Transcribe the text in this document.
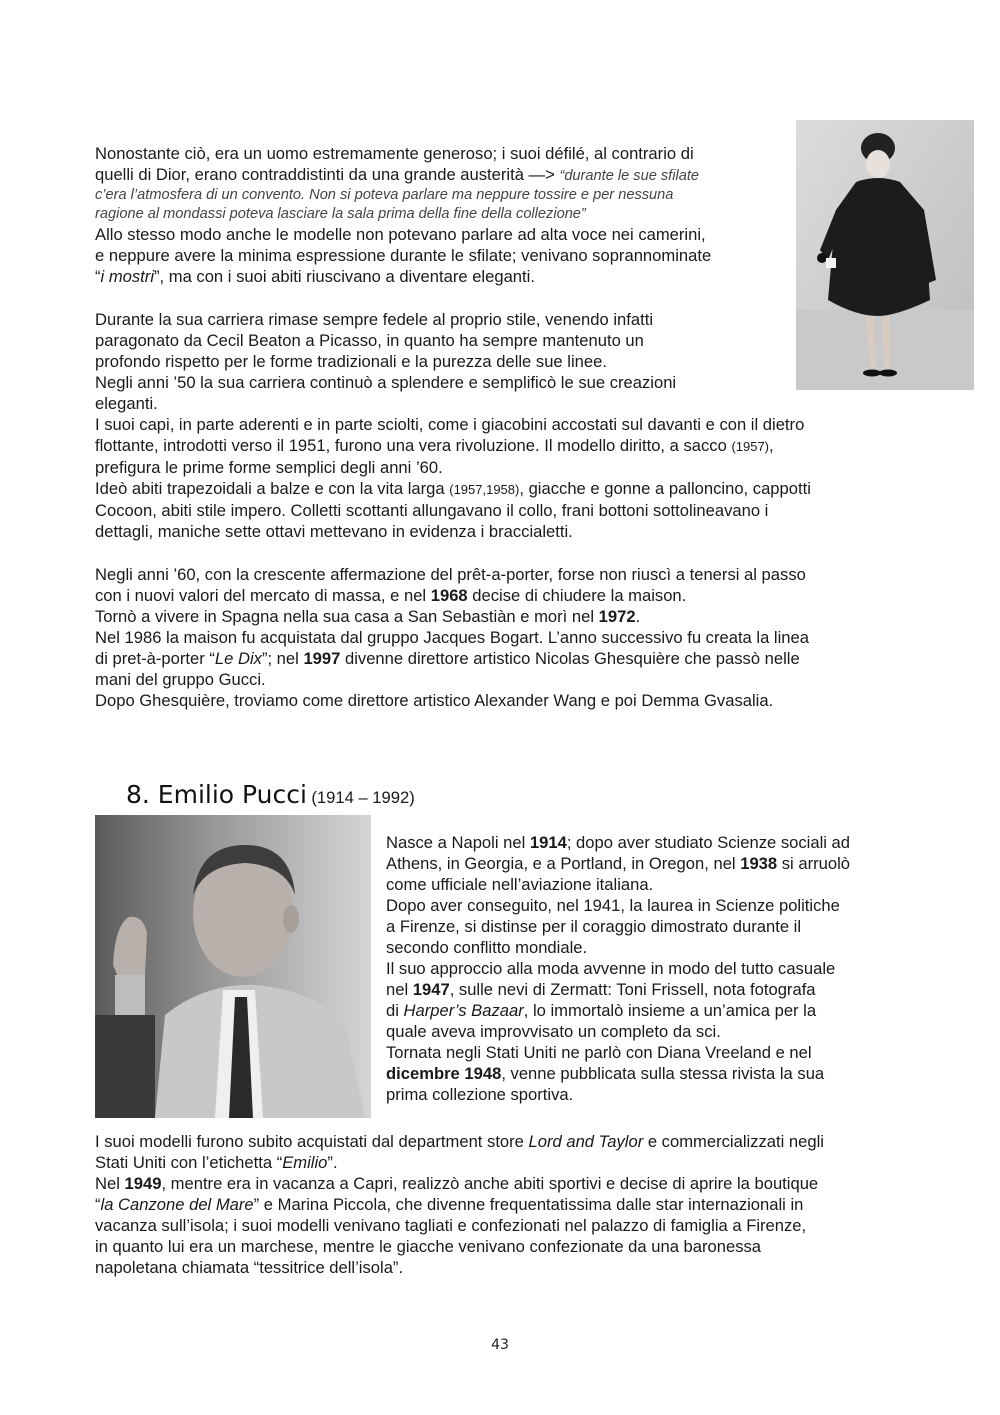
Nonostante ciò, era un uomo estremamente generoso; i suoi défilé, al contrario di
quelli di Dior, erano contraddistinti da una grande austerità —> “durante le sue sfilate
c’era l’atmosfera di un convento. Non si poteva parlare ma neppure tossire e per nessuna
ragione al mondassi poteva lasciare la sala prima della fine della collezione”
Allo stesso modo anche le modelle non potevano parlare ad alta voce nei camerini,
e neppure avere la minima espressione durante le sfilate; venivano soprannominate
“i mostri”, ma con i suoi abiti riuscivano a diventare eleganti.
Durante la sua carriera rimase sempre fedele al proprio stile, venendo infatti
paragonato da Cecil Beaton a Picasso, in quanto ha sempre mantenuto un
profondo rispetto per le forme tradizionali e la purezza delle sue linee.
Negli anni ’50 la sua carriera continuò a splendere e semplificò le sue creazioni
eleganti.
I suoi capi, in parte aderenti e in parte sciolti, come i giacobini accostati sul davanti e con il dietro
flottante, introdotti verso il 1951, furono una vera rivoluzione. Il modello diritto, a sacco (1957),
prefigura le prime forme semplici degli anni ’60.
Ideò abiti trapezoidali a balze e con la vita larga (1957,1958), giacche e gonne a palloncino, cappotti
Cocoon, abiti stile impero. Colletti scottanti allungavano il collo, frani bottoni sottolineavano i
dettagli, maniche sette ottavi mettevano in evidenza i braccialetti.
Negli anni ’60, con la crescente affermazione del prêt-a-porter, forse non riuscì a tenersi al passo
con i nuovi valori del mercato di massa, e nel 1968 decise di chiudere la maison.
Tornò a vivere in Spagna nella sua casa a San Sebastiàn e morì nel 1972.
Nel 1986 la maison fu acquistata dal gruppo Jacques Bogart. L’anno successivo fu creata la linea
di pret-à-porter “Le Dix”; nel 1997 divenne direttore artistico Nicolas Ghesquière che passò nelle
mani del gruppo Gucci.
Dopo Ghesquière, troviamo come direttore artistico Alexander Wang e poi Demma Gvasalia.
8. Emilio Pucci (1914 – 1992)
Nasce a Napoli nel 1914; dopo aver studiato Scienze sociali ad
Athens, in Georgia, e a Portland, in Oregon, nel 1938 si arruolò
come ufficiale nell’aviazione italiana.
Dopo aver conseguito, nel 1941, la laurea in Scienze politiche
a Firenze, si distinse per il coraggio dimostrato durante il
secondo conflitto mondiale.
Il suo approccio alla moda avvenne in modo del tutto casuale
nel 1947, sulle nevi di Zermatt: Toni Frissell, nota fotografa
di Harper’s Bazaar, lo immortalò insieme a un’amica per la
quale aveva improvvisato un completo da sci.
Tornata negli Stati Uniti ne parlò con Diana Vreeland e nel
dicembre 1948, venne pubblicata sulla stessa rivista la sua
prima collezione sportiva.
I suoi modelli furono subito acquistati dal department store Lord and Taylor e commercializzati negli
Stati Uniti con l’etichetta “Emilio”.
Nel 1949, mentre era in vacanza a Capri, realizzò anche abiti sportivi e decise di aprire la boutique
“la Canzone del Mare” e Marina Piccola, che divenne frequentatissima dalle star internazionali in
vacanza sull’isola; i suoi modelli venivano tagliati e confezionati nel palazzo di famiglia a Firenze,
in quanto lui era un marchese, mentre le giacche venivano confezionate da una baronessa
napoletana chiamata “tessitrice dell’isola”.
43
